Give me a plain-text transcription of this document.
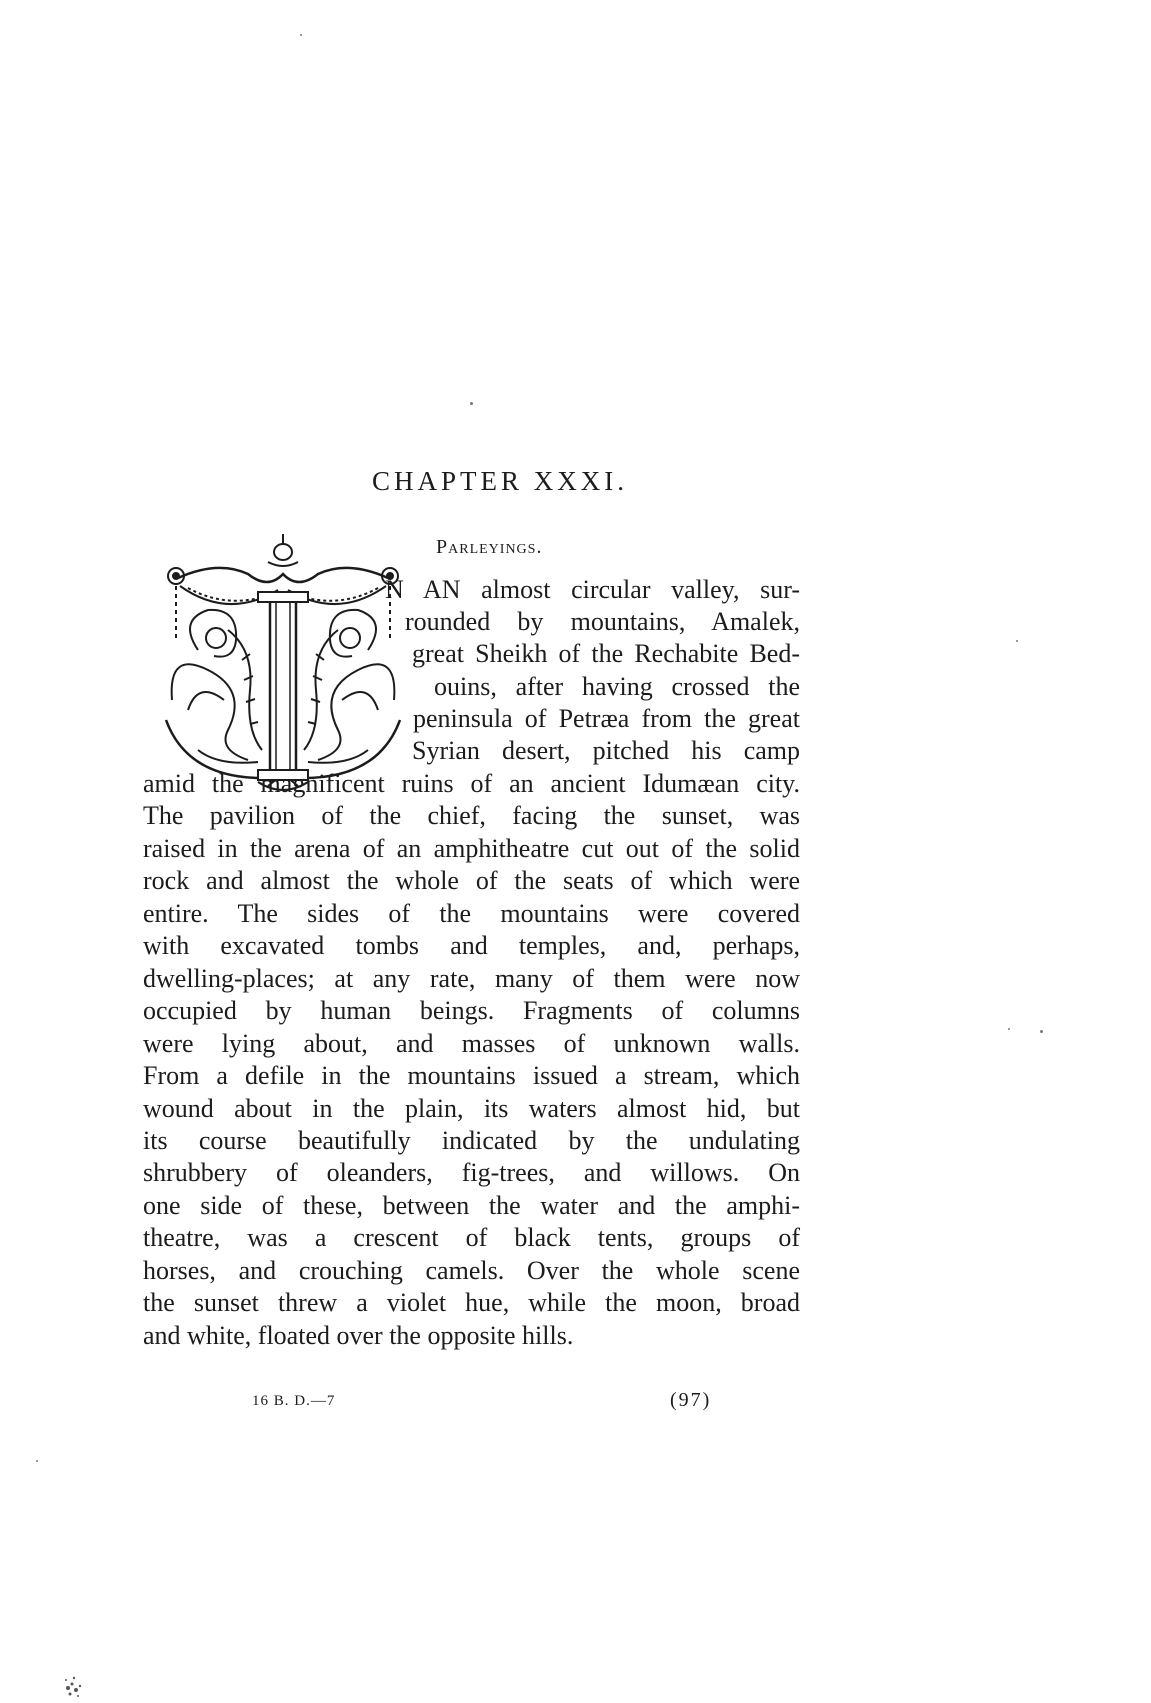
CHAPTER XXXI.
Parleyings.
N AN almost circular valley, sur-
rounded by mountains, Amalek,
great Sheikh of the Rechabite Bed-
ouins, after having crossed the
peninsula of Petræa from the great
Syrian desert, pitched his camp
amid the magnificent ruins of an ancient Idumæan city.
The pavilion of the chief, facing the sunset, was
raised in the arena of an amphitheatre cut out of the solid
rock and almost the whole of the seats of which were
entire. The sides of the mountains were covered
with excavated tombs and temples, and, perhaps,
dwelling-places; at any rate, many of them were now
occupied by human beings. Fragments of columns
were lying about, and masses of unknown walls.
From a defile in the mountains issued a stream, which
wound about in the plain, its waters almost hid, but
its course beautifully indicated by the undulating
shrubbery of oleanders, fig-trees, and willows. On
one side of these, between the water and the amphi-
theatre, was a crescent of black tents, groups of
horses, and crouching camels. Over the whole scene
the sunset threw a violet hue, while the moon, broad
and white, floated over the opposite hills.
16 B. D.—7	(97)
